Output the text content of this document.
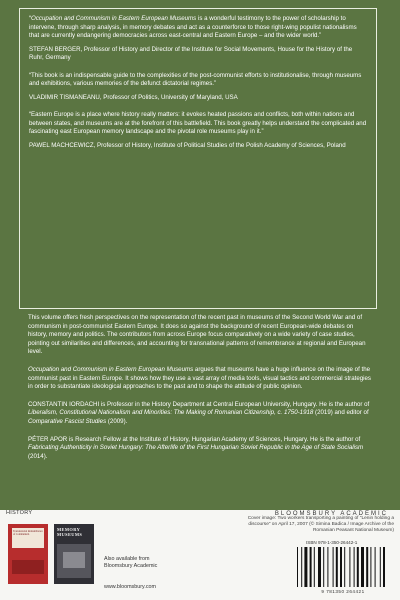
“Occupation and Communism in Eastern European Museums is a wonderful testimony to the power of scholarship to intervene, through sharp analysis, in memory debates and act as a counterforce to those right-wing populist nationalisms that are currently endangering democracies across east-central and Eastern Europe – and the wider world.”

STEFAN BERGER, Professor of History and Director of the Institute for Social Movements, House for the History of the Ruhr, Germany

“This book is an indispensable guide to the complexities of the post-communist efforts to institutionalise, through museums and exhibitions, various memories of the defunct dictatorial regimes.”

VLADIMIR TISMANEANU, Professor of Politics, University of Maryland, USA

“Eastern Europe is a place where history really matters: it evokes heated passions and conflicts, both within nations and between states, and museums are at the forefront of this battlefield. This book greatly helps understand the complicated and fascinating east European memory landscape and the pivotal role museums play in it.”

PAWEL MACHCEWICZ, Professor of History, Institute of Political Studies of the Polish Academy of Sciences, Poland

This volume offers fresh perspectives on the representation of the recent past in museums of the Second World War and of communism in post-communist Eastern Europe. It does so against the background of recent European-wide debates on history, memory and politics. The contributors from across Europe focus comparatively on a wide variety of case studies, pointing out similarities and differences, and accounting for transnational patterns of remembrance at regional and European level.

Occupation and Communism in Eastern European Museums argues that museums have a huge influence on the image of the communist past in Eastern Europe. It shows how they use a vast array of media tools, visual tactics and commercial strategies in order to substantiate ideological approaches to the past and to shape the attitude of public opinion.

CONSTANTIN IORDACHI is Professor in the History Department at Central European University, Hungary. He is the author of Liberalism, Constitutional Nationalism and Minorities: The Making of Romanian Citizenship, c. 1750-1918 (2019) and editor of Comparative Fascist Studies (2009).

PÉTER APOR is Research Fellow at the Institute of History, Hungarian Academy of Sciences, Hungary. He is the author of Fabricating Authenticity in Soviet Hungary: The Afterlife of the First Hungarian Soviet Republic in the Age of State Socialism (2014).

HISTORY	BLOOMSBURY ACADEMIC
Transnational Remembrance of Communism
MEMORY MUSEUMS
Also available from Bloomsbury Academic
www.bloomsbury.com
Cover image: Two workers transporting a painting of “Lenin holding a discourse” on April 17, 2007 (© Simina Badica / Image Archive of the Romanian Peasant National Museum)
ISBN 978-1-350-26442-1
9 781350 264421
